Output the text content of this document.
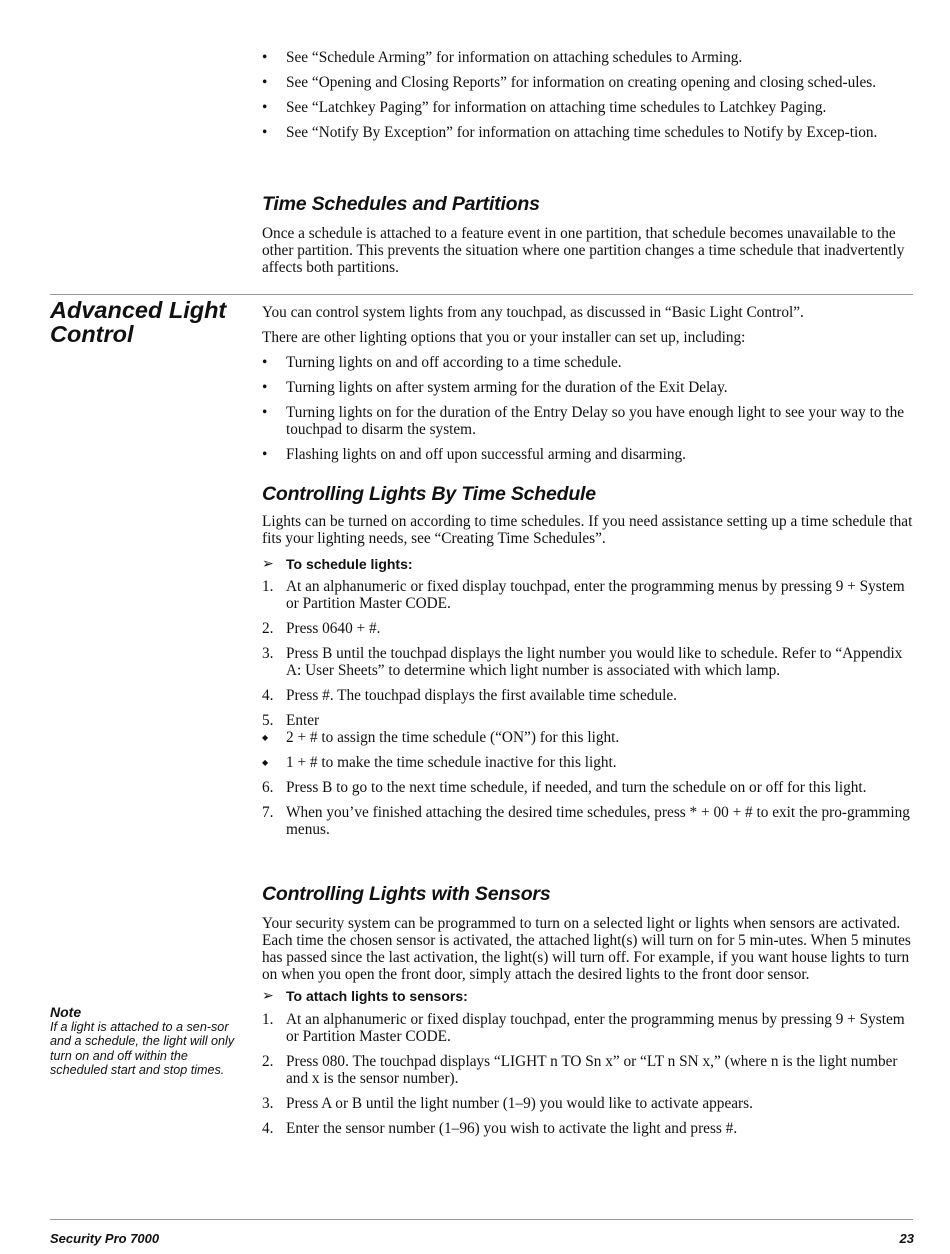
• See “Schedule Arming” for information on attaching schedules to Arming.
• See “Opening and Closing Reports” for information on creating opening and closing sched-ules.
• See “Latchkey Paging” for information on attaching time schedules to Latchkey Paging.
• See “Notify By Exception” for information on attaching time schedules to Notify by Excep-tion.
Time Schedules and Partitions

Once a schedule is attached to a feature event in one partition, that schedule becomes unavailable to the other partition. This prevents the situation where one partition changes a time schedule that inadvertently affects both partitions.

Advanced Light Control

You can control system lights from any touchpad, as discussed in “Basic Light Control”.

There are other lighting options that you or your installer can set up, including:

• Turning lights on and off according to a time schedule.
• Turning lights on after system arming for the duration of the Exit Delay.
• Turning lights on for the duration of the Entry Delay so you have enough light to see your way to the touchpad to disarm the system.
• Flashing lights on and off upon successful arming and disarming.
Controlling Lights By Time Schedule

Lights can be turned on according to time schedules. If you need assistance setting up a time schedule that fits your lighting needs, see “Creating Time Schedules”.

➢ To schedule lights:
1. At an alphanumeric or fixed display touchpad, enter the programming menus by pressing 9 + System or Partition Master CODE.
2. Press 0640 + #.
3. Press B until the touchpad displays the light number you would like to schedule. Refer to “Appendix A: User Sheets” to determine which light number is associated with which lamp.
4. Press #. The touchpad displays the first available time schedule.
5. Enter
◆ 2 + # to assign the time schedule (“ON”) for this light.
◆ 1 + # to make the time schedule inactive for this light.
6. Press B to go to the next time schedule, if needed, and turn the schedule on or off for this light.
7. When you’ve finished attaching the desired time schedules, press * + 00 + # to exit the pro-gramming menus.
Controlling Lights with Sensors

Your security system can be programmed to turn on a selected light or lights when sensors are activated. Each time the chosen sensor is activated, the attached light(s) will turn on for 5 min-utes. When 5 minutes has passed since the last activation, the light(s) will turn off. For example, if you want house lights to turn on when you open the front door, simply attach the desired lights to the front door sensor.

➢ To attach lights to sensors:
1. At an alphanumeric or fixed display touchpad, enter the programming menus by pressing 9 + System or Partition Master CODE.
2. Press 080. The touchpad displays “LIGHT n TO Sn x” or “LT n SN x,” (where n is the light number and x is the sensor number).
3. Press A or B until the light number (1–9) you would like to activate appears.
4. Enter the sensor number (1–96) you wish to activate the light and press #.
Note
If a light is attached to a sen-sor and a schedule, the light will only turn on and off within the scheduled start and stop times.
Security Pro 7000	23
